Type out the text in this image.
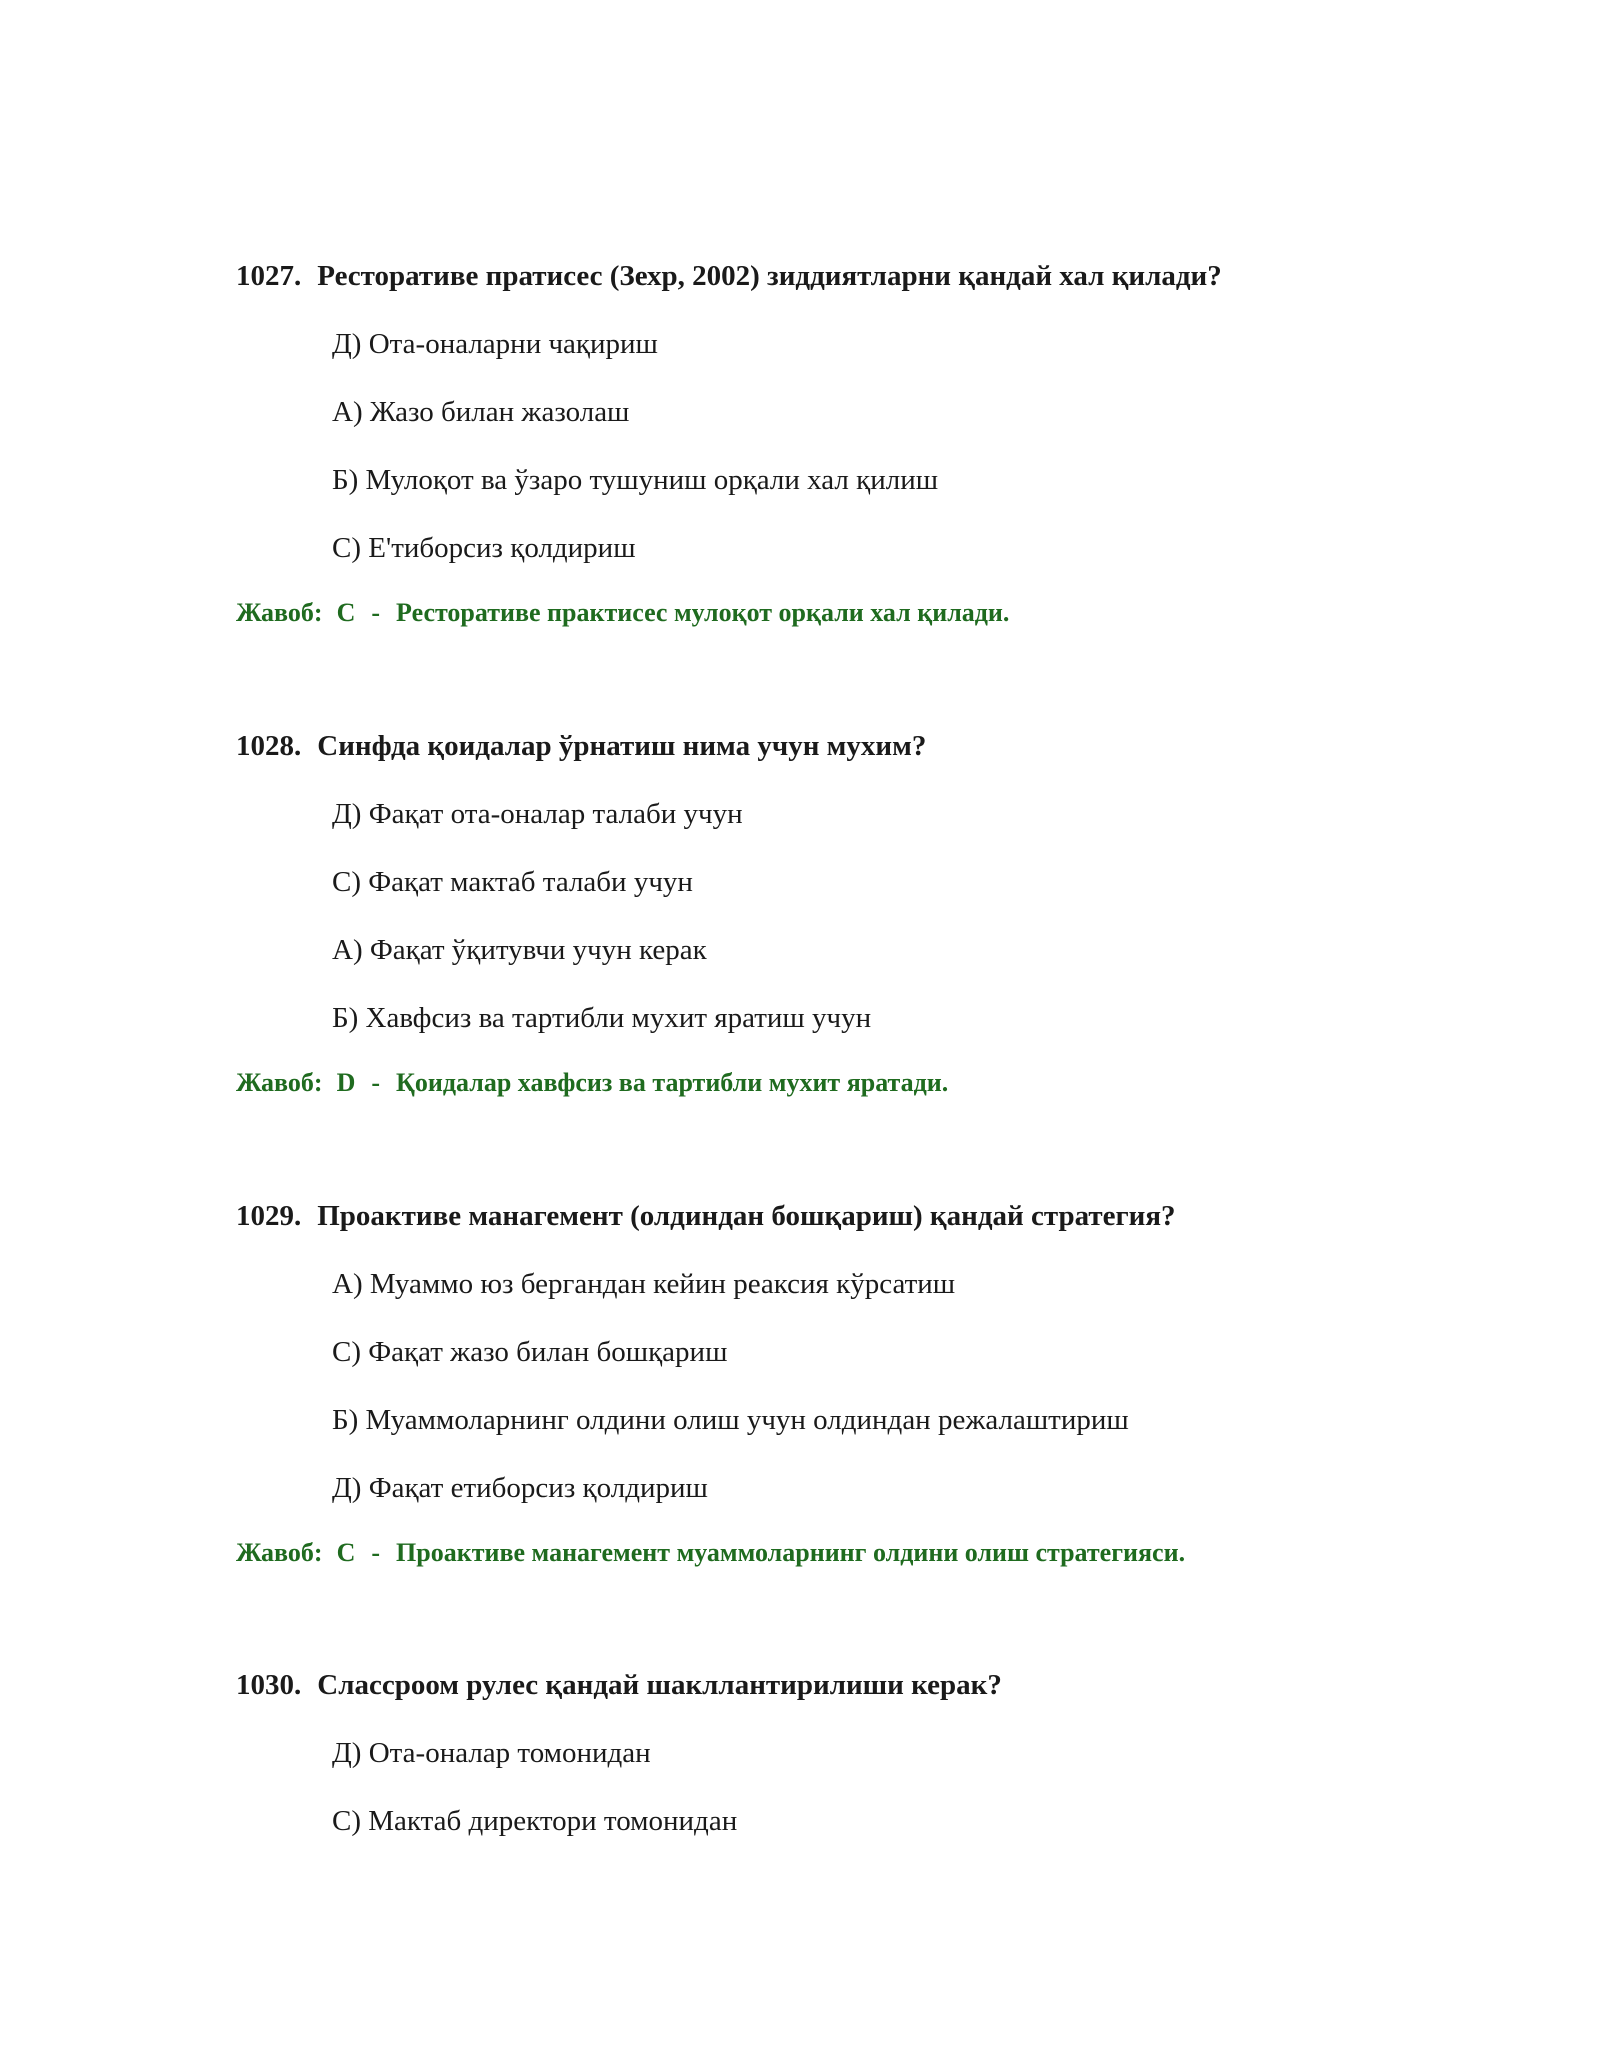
1027. Ресторативе пратисес (Зехр, 2002) зиддиятларни қандай хал қилади?
Д) Ота-оналарни чақириш
А) Жазо билан жазолаш
Б) Мулоқот ва ўзаро тушуниш орқали хал қилиш
С) Е'тиборсиз қолдириш
Жавоб: C - Ресторативе практисес мулоқот орқали хал қилади.
1028. Синфда қоидалар ўрнатиш нима учун мухим?
Д) Фақат ота-оналар талаби учун
С) Фақат мактаб талаби учун
А) Фақат ўқитувчи учун керак
Б) Хавфсиз ва тартибли мухит яратиш учун
Жавоб: D - Қоидалар хавфсиз ва тартибли мухит яратади.
1029. Проактиве манагемент (олдиндан бошқариш) қандай стратегия?
А) Муаммо юз бергандан кейин реаксия кўрсатиш
С) Фақат жазо билан бошқариш
Б) Муаммоларнинг олдини олиш учун олдиндан режалаштириш
Д) Фақат етиборсиз қолдириш
Жавоб: C - Проактиве манагемент муаммоларнинг олдини олиш стратегияси.
1030. Слассроом рулес қандай шакллантирилиши керак?
Д) Ота-оналар томонидан
С) Мактаб директори томонидан
